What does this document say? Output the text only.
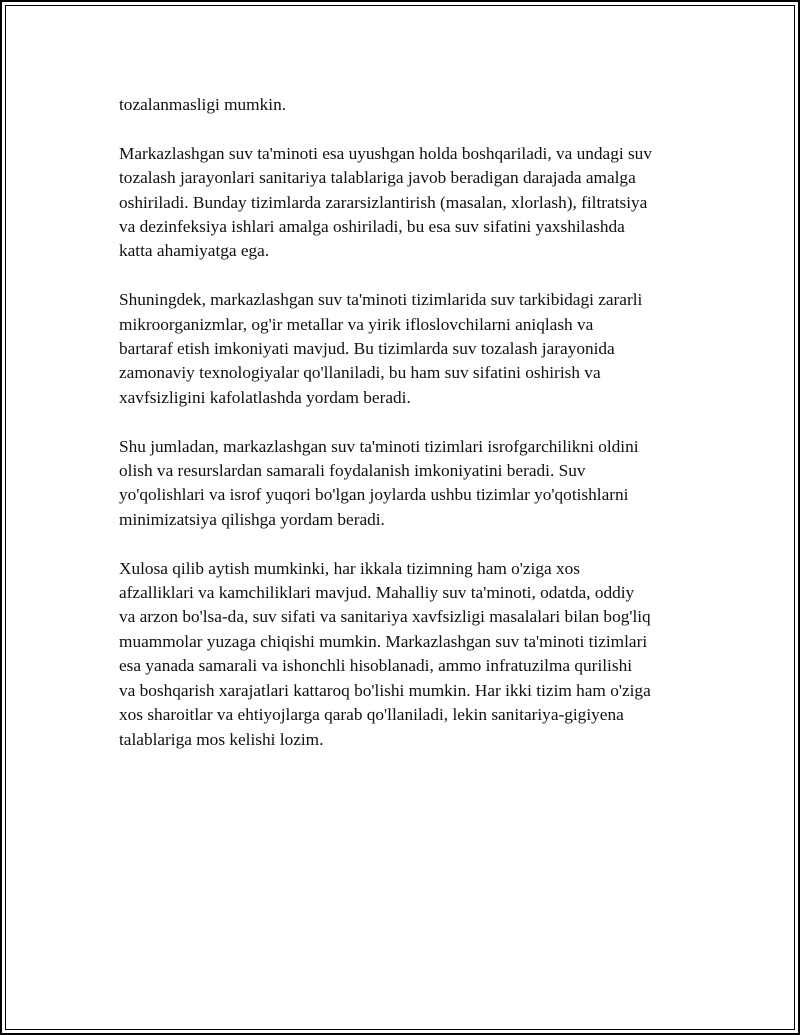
tozalanmasligi mumkin.
Markazlashgan suv ta'minoti esa uyushgan holda boshqariladi, va undagi suv
tozalash jarayonlari sanitariya talablariga javob beradigan darajada amalga
oshiriladi. Bunday tizimlarda zararsizlantirish (masalan, xlorlash), filtratsiya
va dezinfeksiya ishlari amalga oshiriladi, bu esa suv sifatini yaxshilashda
katta ahamiyatga ega.
Shuningdek, markazlashgan suv ta'minoti tizimlarida suv tarkibidagi zararli
mikroorganizmlar, og'ir metallar va yirik ifloslovchilarni aniqlash va
bartaraf etish imkoniyati mavjud. Bu tizimlarda suv tozalash jarayonida
zamonaviy texnologiyalar qo'llaniladi, bu ham suv sifatini oshirish va
xavfsizligini kafolatlashda yordam beradi.
Shu jumladan, markazlashgan suv ta'minoti tizimlari isrofgarchilikni oldini
olish va resurslardan samarali foydalanish imkoniyatini beradi. Suv
yo'qolishlari va isrof yuqori bo'lgan joylarda ushbu tizimlar yo'qotishlarni
minimizatsiya qilishga yordam beradi.
Xulosa qilib aytish mumkinki, har ikkala tizimning ham o'ziga xos
afzalliklari va kamchiliklari mavjud. Mahalliy suv ta'minoti, odatda, oddiy
va arzon bo'lsa-da, suv sifati va sanitariya xavfsizligi masalalari bilan bog'liq
muammolar yuzaga chiqishi mumkin. Markazlashgan suv ta'minoti tizimlari
esa yanada samarali va ishonchli hisoblanadi, ammo infratuzilma qurilishi
va boshqarish xarajatlari kattaroq bo'lishi mumkin. Har ikki tizim ham o'ziga
xos sharoitlar va ehtiyojlarga qarab qo'llaniladi, lekin sanitariya-gigiyena
talablariga mos kelishi lozim.
